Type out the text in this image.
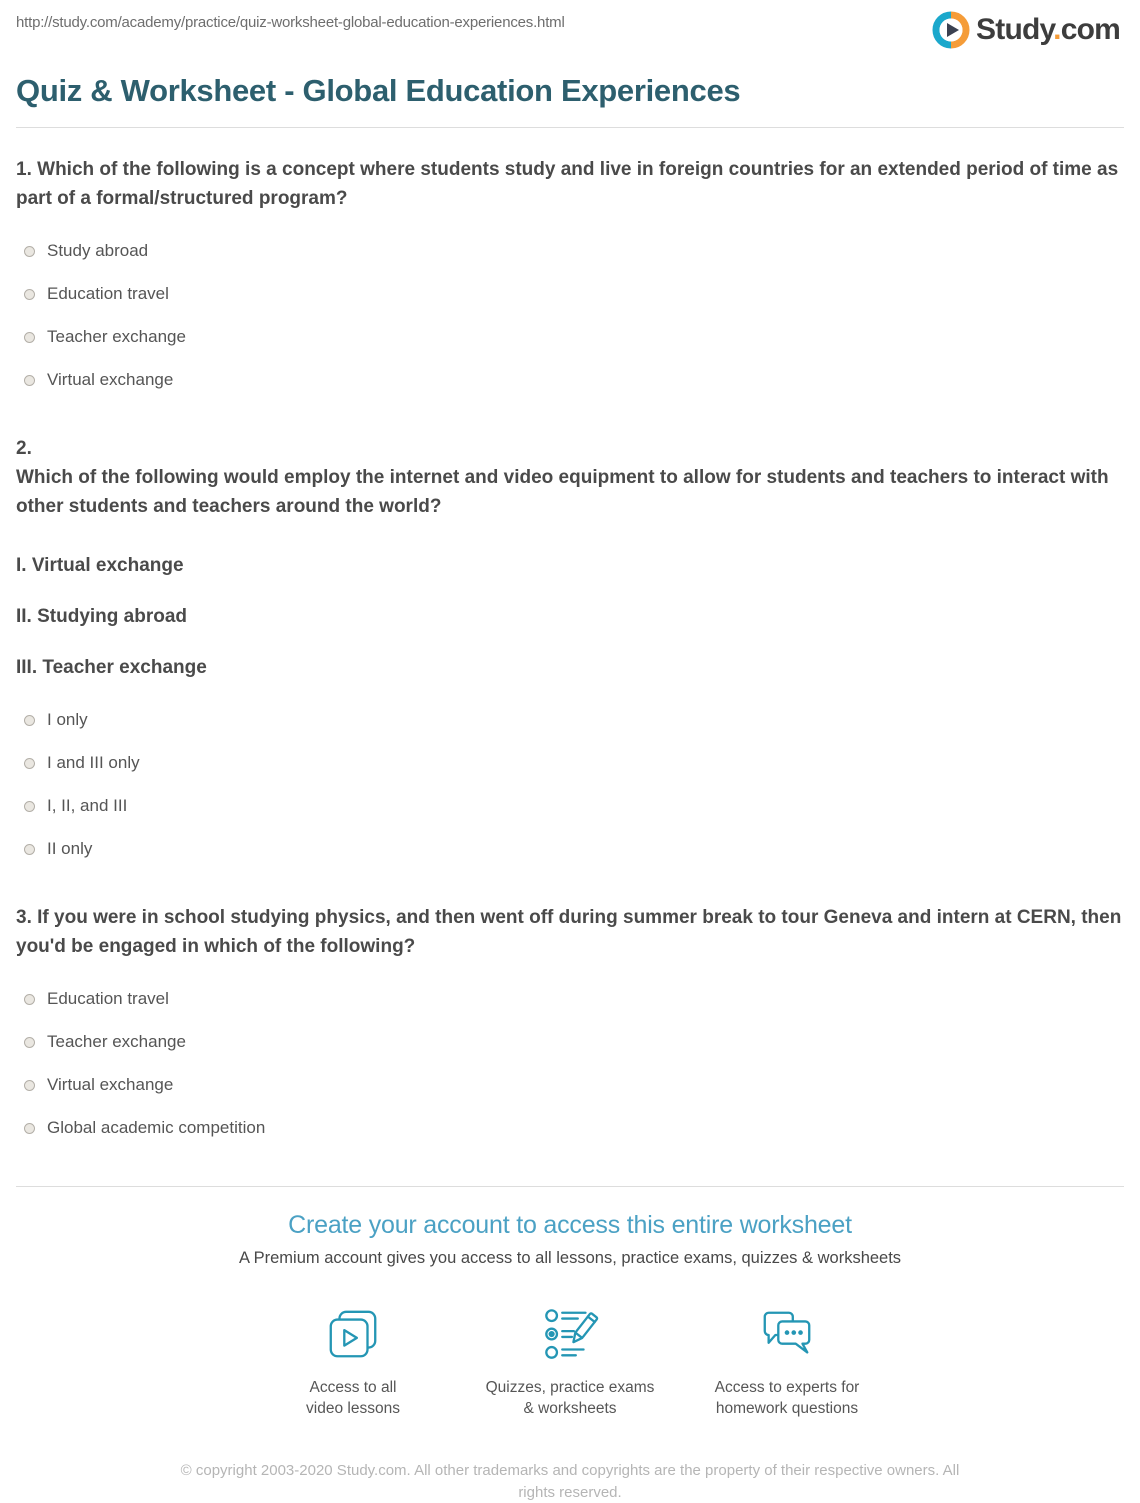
http://study.com/academy/practice/quiz-worksheet-global-education-experiences.html	Study.com
Quiz & Worksheet - Global Education Experiences

1. Which of the following is a concept where students study and live in foreign countries for an extended period of time as part of a formal/structured program?

Study abroad
Education travel
Teacher exchange
Virtual exchange

2.
Which of the following would employ the internet and video equipment to allow for students and teachers to interact with other students and teachers around the world?

I. Virtual exchange

II. Studying abroad

III. Teacher exchange

I only
I and III only
I, II, and III
II only

3. If you were in school studying physics, and then went off during summer break to tour Geneva and intern at CERN, then you'd be engaged in which of the following?

Education travel
Teacher exchange
Virtual exchange
Global academic competition
Create your account to access this entire worksheet

A Premium account gives you access to all lessons, practice exams, quizzes & worksheets

Access to all
video lessons
Quizzes, practice exams
& worksheets
Access to experts for
homework questions

© copyright 2003-2020 Study.com. All other trademarks and copyrights are the property of their respective owners. All rights reserved.
